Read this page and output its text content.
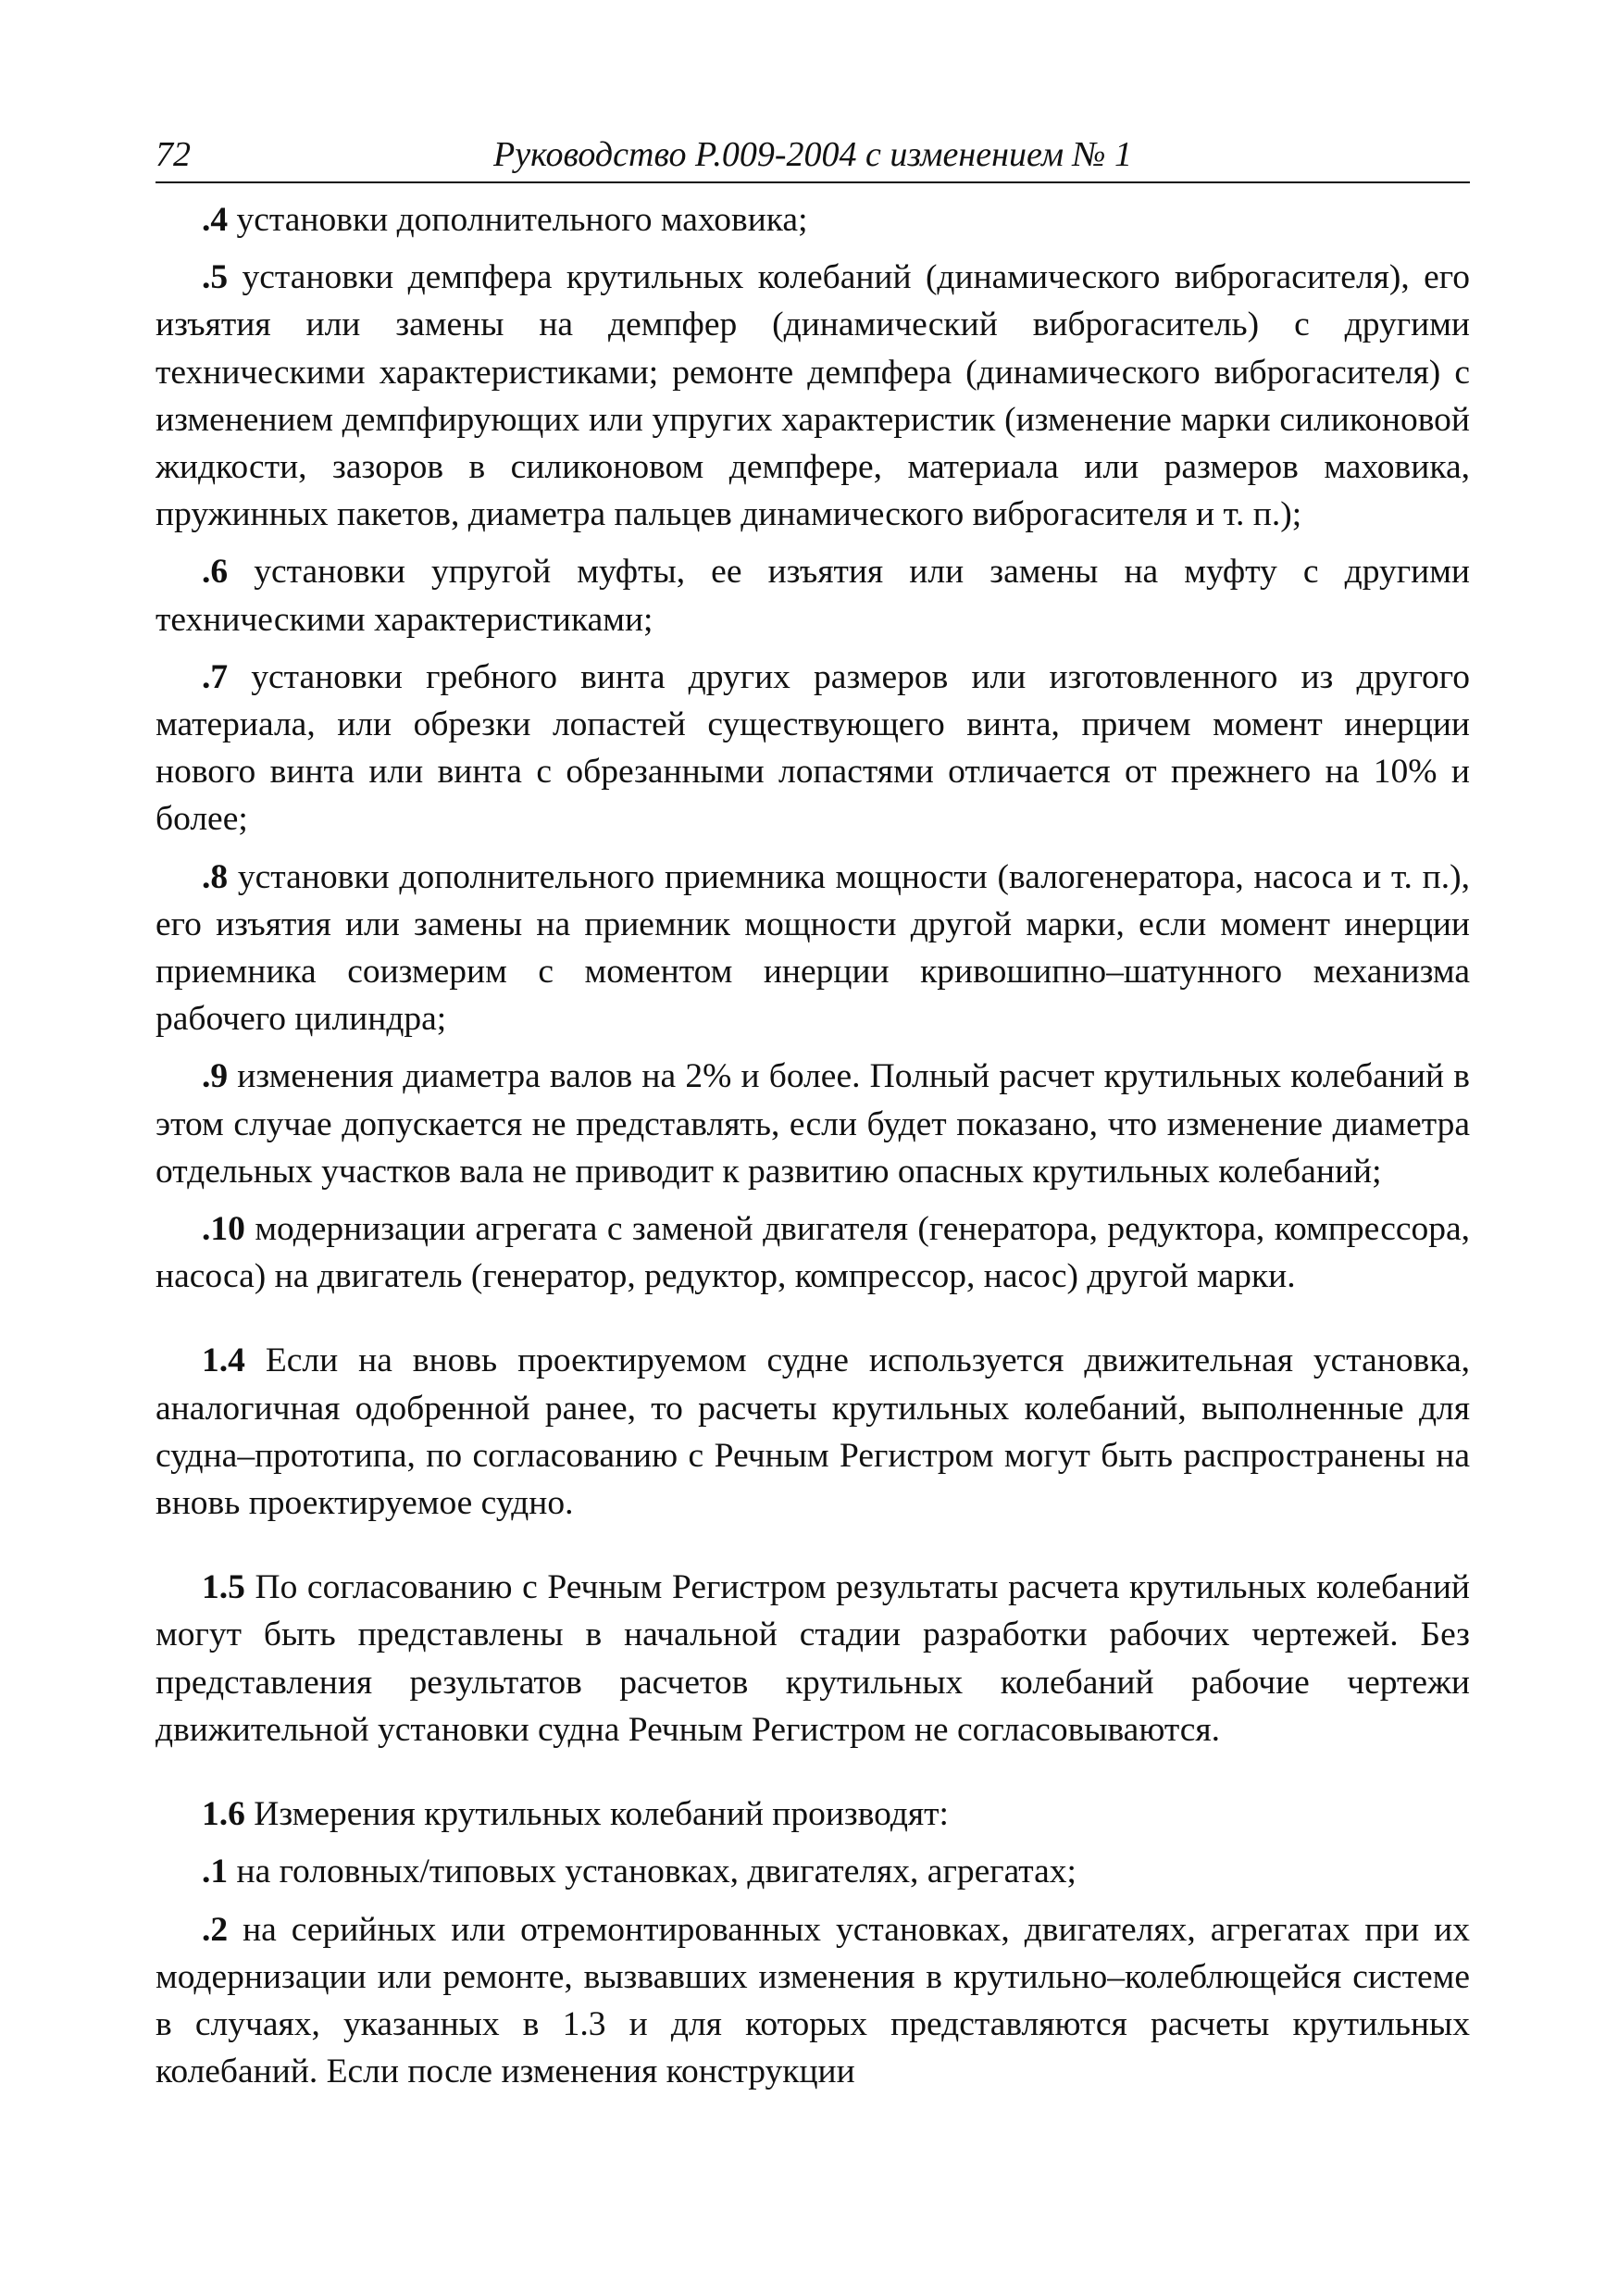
Руководство Р.009-2004 с изменением № 1
72

.4 установки дополнительного маховика;

.5 установки демпфера крутильных колебаний (динамического виброгасителя), его изъятия или замены на демпфер (динамический виброгаситель) с другими техническими характеристиками; ремонте демпфера (динамического виброгасителя) с изменением демпфирующих или упругих характеристик (изменение марки силиконовой жидкости, зазоров в силиконовом демпфере, материала или размеров маховика, пружинных пакетов, диаметра пальцев динамического виброгасителя и т. п.);

.6 установки упругой муфты, ее изъятия или замены на муфту с другими техническими характеристиками;

.7 установки гребного винта других размеров или изготовленного из другого материала, или обрезки лопастей существующего винта, причем момент инерции нового винта или винта с обрезанными лопастями отличается от прежнего на 10% и более;

.8 установки дополнительного приемника мощности (валогенератора, насоса и т. п.), его изъятия или замены на приемник мощности другой марки, если момент инерции приемника соизмерим с моментом инерции кривошипно–шатунного механизма рабочего цилиндра;

.9 изменения диаметра валов на 2% и более. Полный расчет крутильных колебаний в этом случае допускается не представлять, если будет показано, что изменение диаметра отдельных участков вала не приводит к развитию опасных крутильных колебаний;

.10 модернизации агрегата с заменой двигателя (генератора, редуктора, компрессора, насоса) на двигатель (генератор, редуктор, компрессор, насос) другой марки.

1.4 Если на вновь проектируемом судне используется движительная установка, аналогичная одобренной ранее, то расчеты крутильных колебаний, выполненные для судна–прототипа, по согласованию с Речным Регистром могут быть распространены на вновь проектируемое судно.

1.5 По согласованию с Речным Регистром результаты расчета крутильных колебаний могут быть представлены в начальной стадии разработки рабочих чертежей. Без представления результатов расчетов крутильных колебаний рабочие чертежи движительной установки судна Речным Регистром не согласовываются.

1.6 Измерения крутильных колебаний производят:

.1 на головных/типовых установках, двигателях, агрегатах;

.2 на серийных или отремонтированных установках, двигателях, агрегатах при их модернизации или ремонте, вызвавших изменения в крутильно–колеблющейся системе в случаях, указанных в 1.3 и для которых представляются расчеты крутильных колебаний. Если после изменения конструкции
